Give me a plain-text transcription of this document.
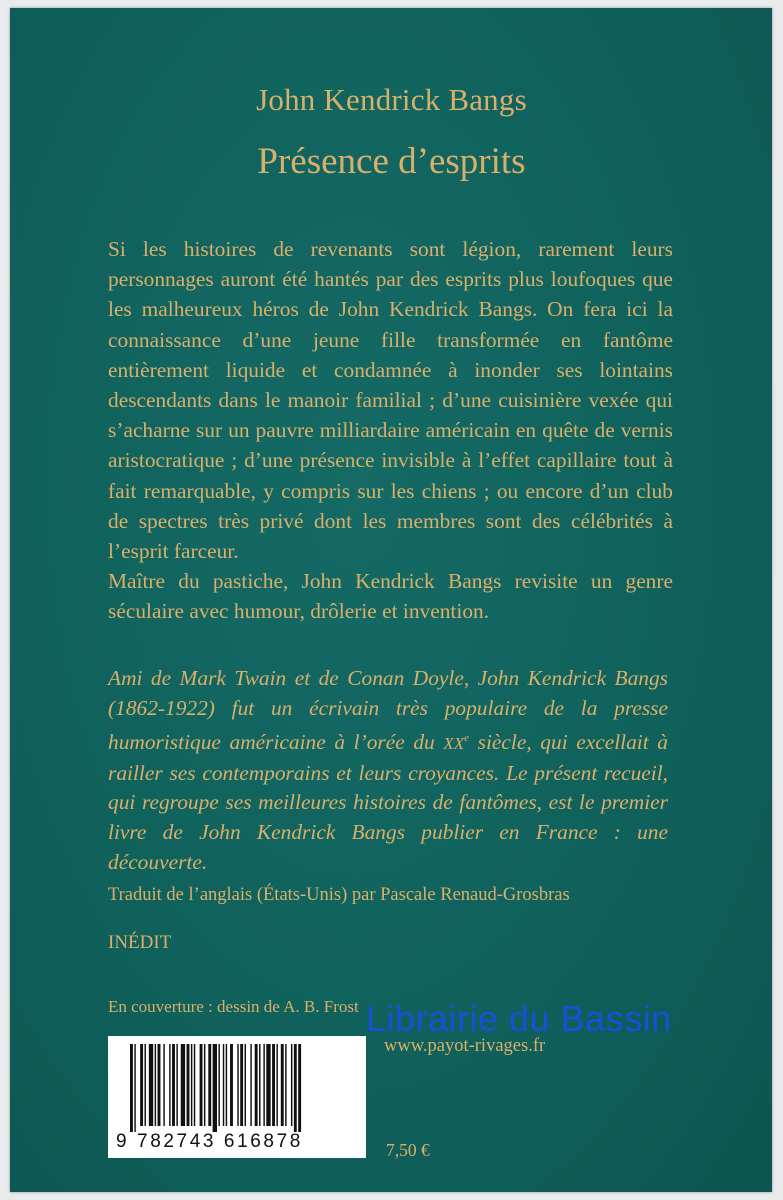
John Kendrick Bangs
Présence d’esprits

Si les histoires de revenants sont légion, rarement leurs personnages auront été hantés par des esprits plus loufoques que les malheureux héros de John Kendrick Bangs. On fera ici la connaissance d’une jeune fille transformée en fantôme entièrement liquide et condamnée à inonder ses lointains descendants dans le manoir familial ; d’une cuisinière vexée qui s’acharne sur un pauvre milliardaire américain en quête de vernis aristocratique ; d’une présence invisible à l’effet capillaire tout à fait remarquable, y compris sur les chiens ; ou encore d’un club de spectres très privé dont les membres sont des célébrités à l’esprit farceur.
Maître du pastiche, John Kendrick Bangs revisite un genre séculaire avec humour, drôlerie et invention.

Ami de Mark Twain et de Conan Doyle, John Kendrick Bangs (1862-1922) fut un écrivain très populaire de la presse humoristique américaine à l’orée du XXe siècle, qui excellait à railler ses contemporains et leurs croyances. Le présent recueil, qui regroupe ses meilleures histoires de fantômes, est le premier livre de John Kendrick Bangs publier en France : une découverte.

Traduit de l’anglais (États-Unis) par Pascale Renaud-Grosbras
INÉDIT
En couverture : dessin de A. B. Frost
www.payot-rivages.fr
7,50 €
9 782743 616878
Librairie du Bassin
